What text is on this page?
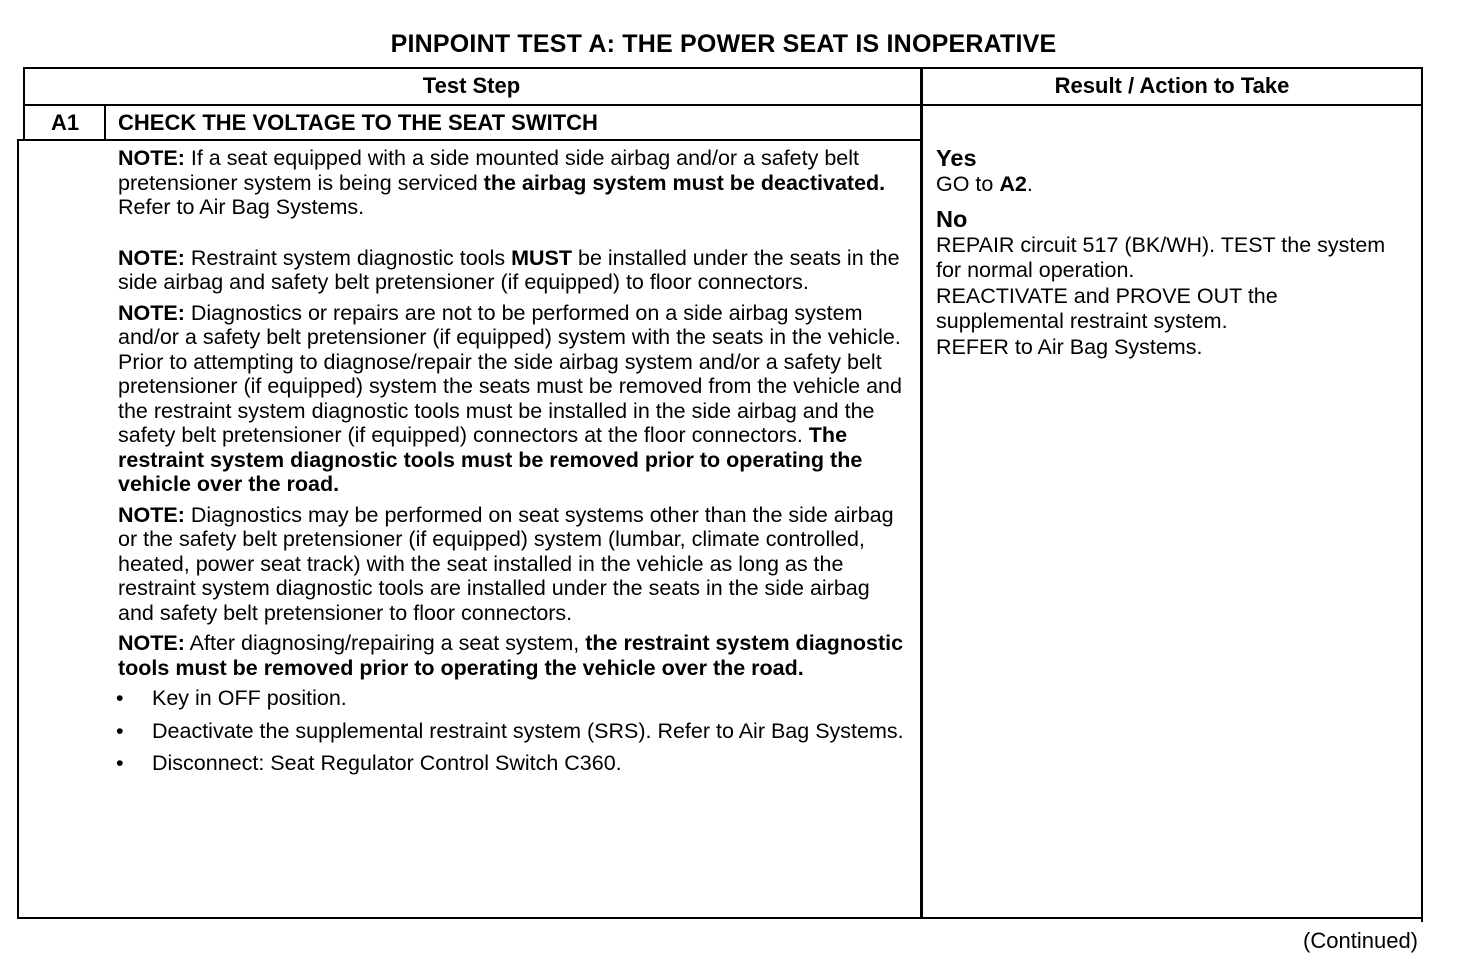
PINPOINT TEST A: THE POWER SEAT IS INOPERATIVE
Test Step	Result / Action to Take
A1	CHECK THE VOLTAGE TO THE SEAT SWITCH
NOTE: If a seat equipped with a side mounted side airbag and/or a safety belt pretensioner system is being serviced the airbag system must be deactivated. Refer to Air Bag Systems.
NOTE: Restraint system diagnostic tools MUST be installed under the seats in the side airbag and safety belt pretensioner (if equipped) to floor connectors.
NOTE: Diagnostics or repairs are not to be performed on a side airbag system and/or a safety belt pretensioner (if equipped) system with the seats in the vehicle. Prior to attempting to diagnose/repair the side airbag system and/or a safety belt pretensioner (if equipped) system the seats must be removed from the vehicle and the restraint system diagnostic tools must be installed in the side airbag and the safety belt pretensioner (if equipped) connectors at the floor connectors. The restraint system diagnostic tools must be removed prior to operating the vehicle over the road.
NOTE: Diagnostics may be performed on seat systems other than the side airbag or the safety belt pretensioner (if equipped) system (lumbar, climate controlled, heated, power seat track) with the seat installed in the vehicle as long as the restraint system diagnostic tools are installed under the seats in the side airbag and safety belt pretensioner to floor connectors.
NOTE: After diagnosing/repairing a seat system, the restraint system diagnostic tools must be removed prior to operating the vehicle over the road.
• Key in OFF position.
• Deactivate the supplemental restraint system (SRS). Refer to Air Bag Systems.
• Disconnect: Seat Regulator Control Switch C360.
Yes
GO to A2.
No
REPAIR circuit 517 (BK/WH). TEST the system for normal operation.
REACTIVATE and PROVE OUT the supplemental restraint system.
REFER to Air Bag Systems.
(Continued)
